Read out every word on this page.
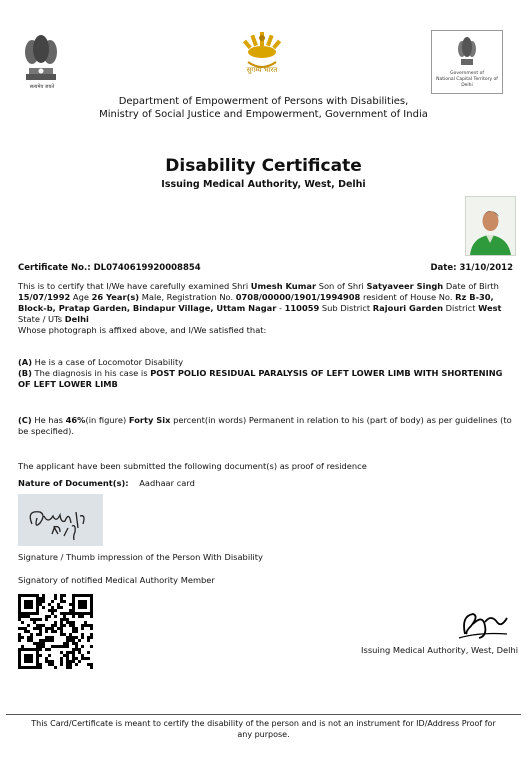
सत्यमेव जयते
सुगम्य भारत	Government of
National Capital Territory of Delhi
Department of Empowerment of Persons with Disabilities,
Ministry of Social Justice and Empowerment, Government of India
Disability Certificate
Issuing Medical Authority, West, Delhi
Certificate No.: DL0740619920008854	Date: 31/10/2012
This is to certify that I/We have carefully examined Shri Umesh Kumar Son of Shri Satyaveer Singh Date of Birth 15/07/1992 Age 26 Year(s) Male, Registration No. 0708/00000/1901/1994908 resident of House No. Rz B-30, Block-b, Pratap Garden, Bindapur Village, Uttam Nagar - 110059 Sub District Rajouri Garden District West State / UTs Delhi
Whose photograph is affixed above, and I/We satisfied that:
(A) He is a case of Locomotor Disability
(B) The diagnosis in his case is POST POLIO RESIDUAL PARALYSIS OF LEFT LOWER LIMB WITH SHORTENING OF LEFT LOWER LIMB
(C) He has 46%(in figure) Forty Six percent(in words) Permanent in relation to his (part of body) as per guidelines (to be specified).
The applicant have been submitted the following document(s) as proof of residence
Nature of Document(s): Aadhaar card
Signature / Thumb impression of the Person With Disability
Signatory of notified Medical Authority Member
Issuing Medical Authority, West, Delhi
This Card/Certificate is meant to certify the disability of the person and is not an instrument for ID/Address Proof for any purpose.
